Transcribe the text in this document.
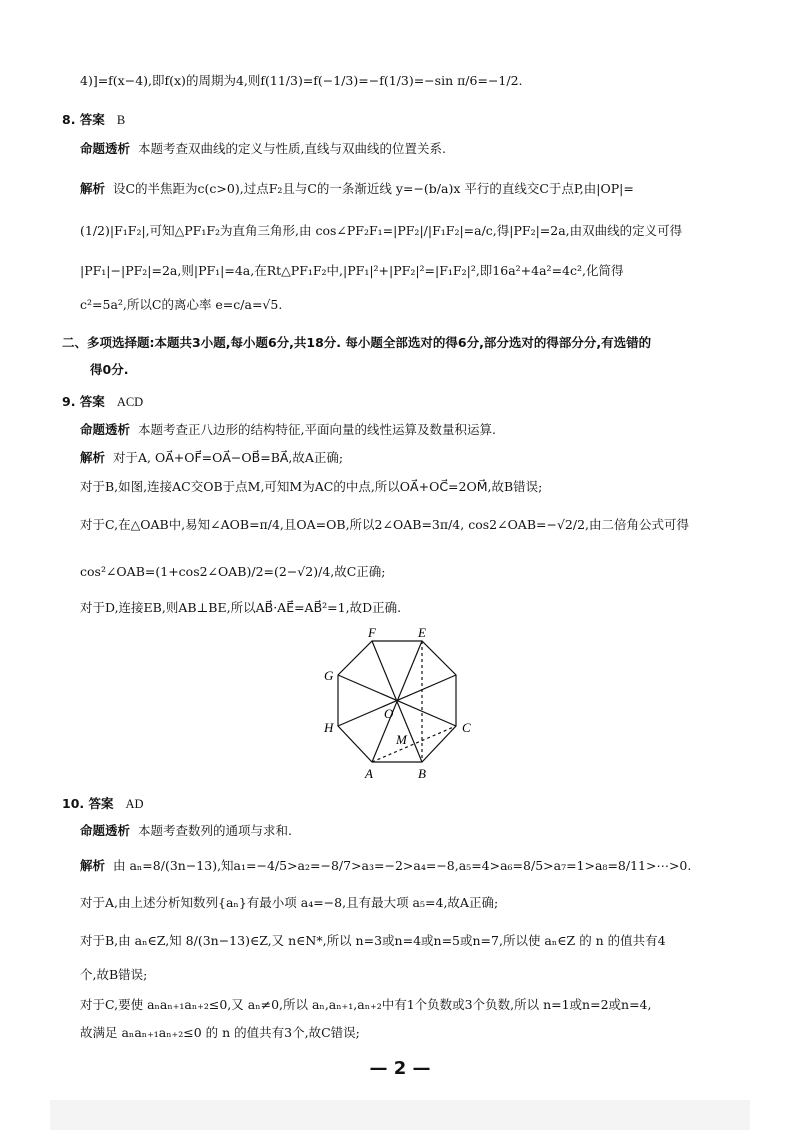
4)]=f(x−4),即f(x)的周期为4,则f(11/3)=f(−1/3)=−f(1/3)=−sin π/6=−1/2.
8. 答案 B
命题透析 本题考查双曲线的定义与性质,直线与双曲线的位置关系.
解析 设C的半焦距为c(c>0),过点F₂且与C的一条渐近线 y=−(b/a)x 平行的直线交C于点P,由|OP|=
(1/2)|F₁F₂|,可知△PF₁F₂为直角三角形,由 cos∠PF₂F₁=|PF₂|/|F₁F₂|=a/c,得|PF₂|=2a,由双曲线的定义可得
|PF₁|−|PF₂|=2a,则|PF₁|=4a,在Rt△PF₁F₂中,|PF₁|²+|PF₂|²=|F₁F₂|²,即16a²+4a²=4c²,化简得
c²=5a²,所以C的离心率 e=c/a=√5.
二、多项选择题:本题共3小题,每小题6分,共18分. 每小题全部选对的得6分,部分选对的得部分分,有选错的
得0分.
9. 答案 ACD
命题透析 本题考查正八边形的结构特征,平面向量的线性运算及数量积运算.
解析 对于A, OA⃗+OF⃗=OA⃗−OB⃗=BA⃗,故A正确;
对于B,如图,连接AC交OB于点M,可知M为AC的中点,所以OA⃗+OC⃗=2OM⃗,故B错误;
对于C,在△OAB中,易知∠AOB=π/4,且OA=OB,所以2∠OAB=3π/4, cos2∠OAB=−√2/2,由二倍角公式可得
cos²∠OAB=(1+cos2∠OAB)/2=(2−√2)/4,故C正确;
对于D,连接EB,则AB⊥BE,所以AB⃗·AE⃗=AB⃗²=1,故D正确.
F	E
G
H	C
O
M
A	B
10. 答案 AD
命题透析 本题考查数列的通项与求和.
解析 由 aₙ=8/(3n−13),知a₁=−4/5>a₂=−8/7>a₃=−2>a₄=−8,a₅=4>a₆=8/5>a₇=1>a₈=8/11>⋯>0.
对于A,由上述分析知数列{aₙ}有最小项 a₄=−8,且有最大项 a₅=4,故A正确;
对于B,由 aₙ∈Z,知 8/(3n−13)∈Z,又 n∈N*,所以 n=3或n=4或n=5或n=7,所以使 aₙ∈Z 的 n 的值共有4
个,故B错误;
对于C,要使 aₙaₙ₊₁aₙ₊₂≤0,又 aₙ≠0,所以 aₙ,aₙ₊₁,aₙ₊₂中有1个负数或3个负数,所以 n=1或n=2或n=4,
故满足 aₙaₙ₊₁aₙ₊₂≤0 的 n 的值共有3个,故C错误;
— 2 —
